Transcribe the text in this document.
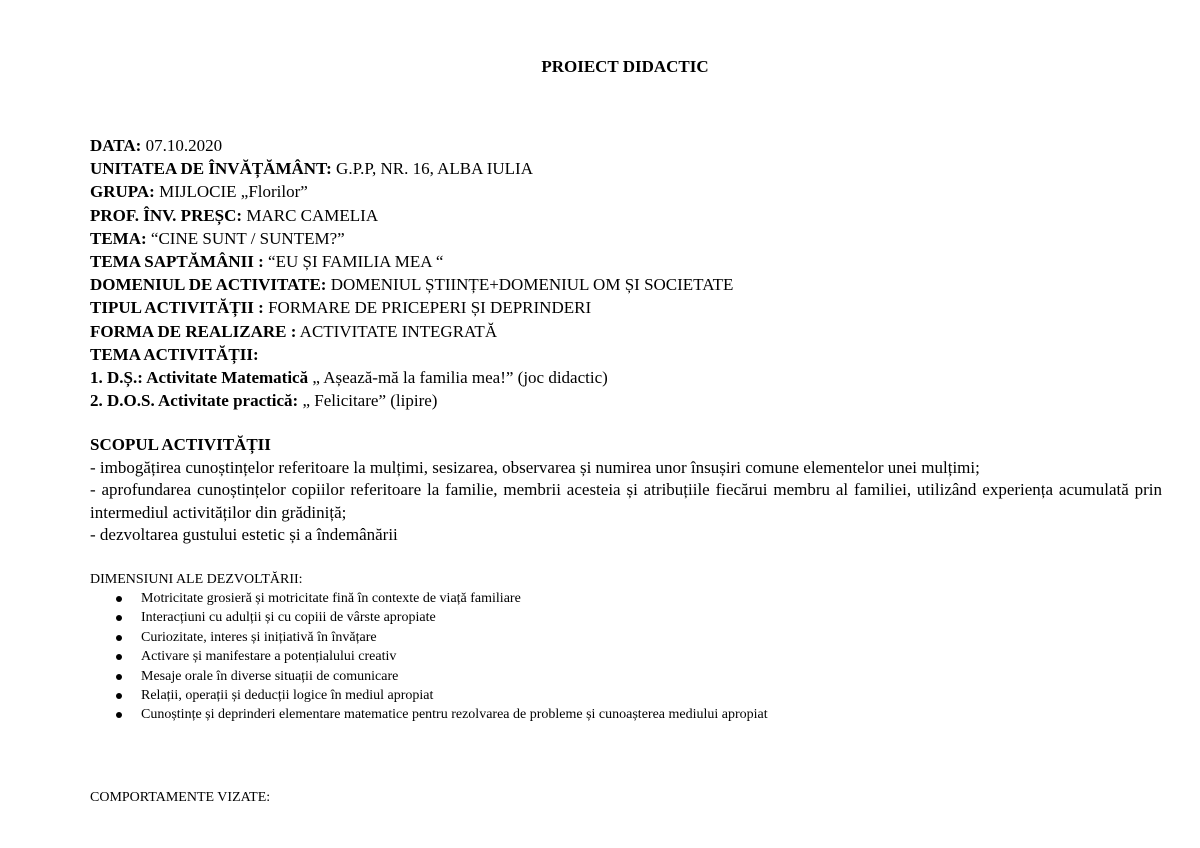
PROIECT DIDACTIC
DATA: 07.10.2020
UNITATEA DE ÎNVĂȚĂMÂNT: G.P.P, NR. 16, ALBA IULIA
GRUPA: MIJLOCIE „Florilor”
PROF. ÎNV. PREȘC: MARC CAMELIA
TEMA: “CINE SUNT / SUNTEM?”
TEMA SAPTĂMÂNII : “EU ȘI FAMILIA MEA “
DOMENIUL DE ACTIVITATE: DOMENIUL ȘTIINȚE+DOMENIUL OM ȘI SOCIETATE
TIPUL ACTIVITĂȚII : FORMARE DE PRICEPERI ȘI DEPRINDERI
FORMA DE REALIZARE : ACTIVITATE INTEGRATĂ
TEMA ACTIVITĂȚII:
1. D.Ș.: Activitate Matematică „ Așează-mă la familia mea!” (joc didactic)
2. D.O.S. Activitate practică: „ Felicitare” (lipire)
SCOPUL ACTIVITĂȚII
- imbogățirea cunoștințelor referitoare la mulțimi, sesizarea, observarea și numirea unor însușiri comune elementelor unei mulțimi;
- aprofundarea cunoștințelor copiilor referitoare la familie, membrii acesteia și atribuțiile fiecărui membru al familiei, utilizând experiența acumulată prin intermediul activităților din grădiniță;
- dezvoltarea gustului estetic și a îndemânării
DIMENSIUNI ALE DEZVOLTĂRII:
Motricitate grosieră și motricitate fină în contexte de viață familiare
Interacțiuni cu adulții și cu copiii de vârste apropiate
Curiozitate, interes și inițiativă în învățare
Activare și manifestare a potențialului creativ
Mesaje orale în diverse situații de comunicare
Relații, operații și deducții logice în mediul apropiat
Cunoștințe și deprinderi elementare matematice pentru rezolvarea de probleme și cunoașterea mediului apropiat
COMPORTAMENTE VIZATE:
